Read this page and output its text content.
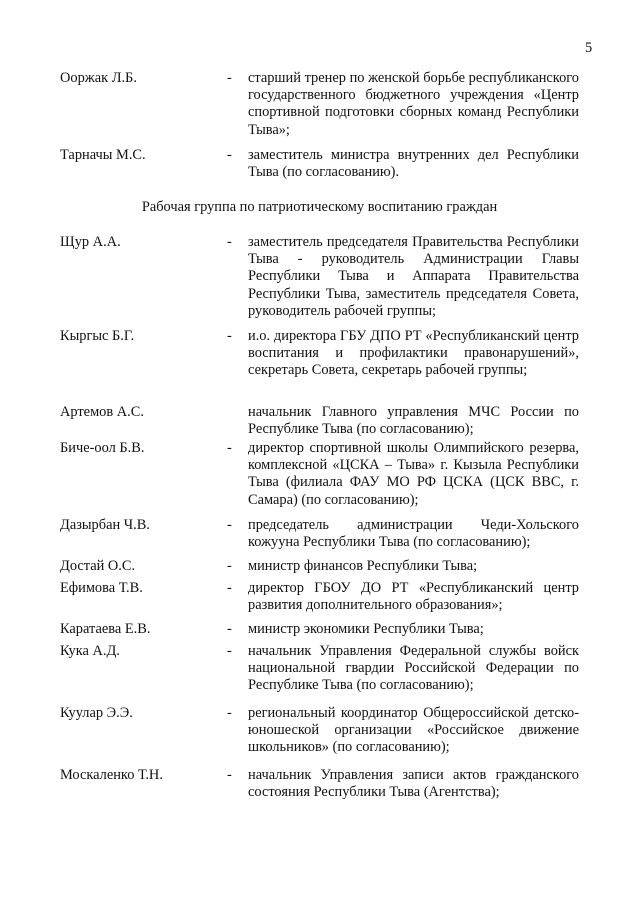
5
Ооржак Л.Б.	- старший тренер по женской борьбе республиканского государственного бюджетного учреждения «Центр спортивной подготовки сборных команд Республики Тыва»;
Тарначы М.С.	- заместитель министра внутренних дел Республики Тыва (по согласованию).
Рабочая группа по патриотическому воспитанию граждан
Щур А.А.	- заместитель председателя Правительства Республики Тыва - руководитель Администрации Главы Республики Тыва и Аппарата Правительства Республики Тыва, заместитель председателя Совета, руководитель рабочей группы;
Кыргыс Б.Г.	- и.о. директора ГБУ ДПО РТ «Республиканский центр воспитания и профилактики правонарушений», секретарь Совета, секретарь рабочей группы;
Артемов А.С.	начальник Главного управления МЧС России по Республике Тыва (по согласованию);
Биче-оол Б.В.	- директор спортивной школы Олимпийского резерва, комплексной «ЦСКА – Тыва» г. Кызыла Республики Тыва (филиала ФАУ МО РФ ЦСКА (ЦСК ВВС, г. Самара) (по согласованию);
Дазырбан Ч.В.	- председатель администрации Чеди-Хольского кожууна Республики Тыва (по согласованию);
Достай О.С.	- министр финансов Республики Тыва;
Ефимова Т.В.	- директор ГБОУ ДО РТ «Республиканский центр развития дополнительного образования»;
Каратаева Е.В.	- министр экономики Республики Тыва;
Кука А.Д.	- начальник Управления Федеральной службы войск национальной гвардии Российской Федерации по Республике Тыва (по согласованию);
Куулар Э.Э.	- региональный координатор Общероссийской детско-юношеской организации «Российское движение школьников» (по согласованию);
Москаленко Т.Н.	- начальник Управления записи актов гражданского состояния Республики Тыва (Агентства);
